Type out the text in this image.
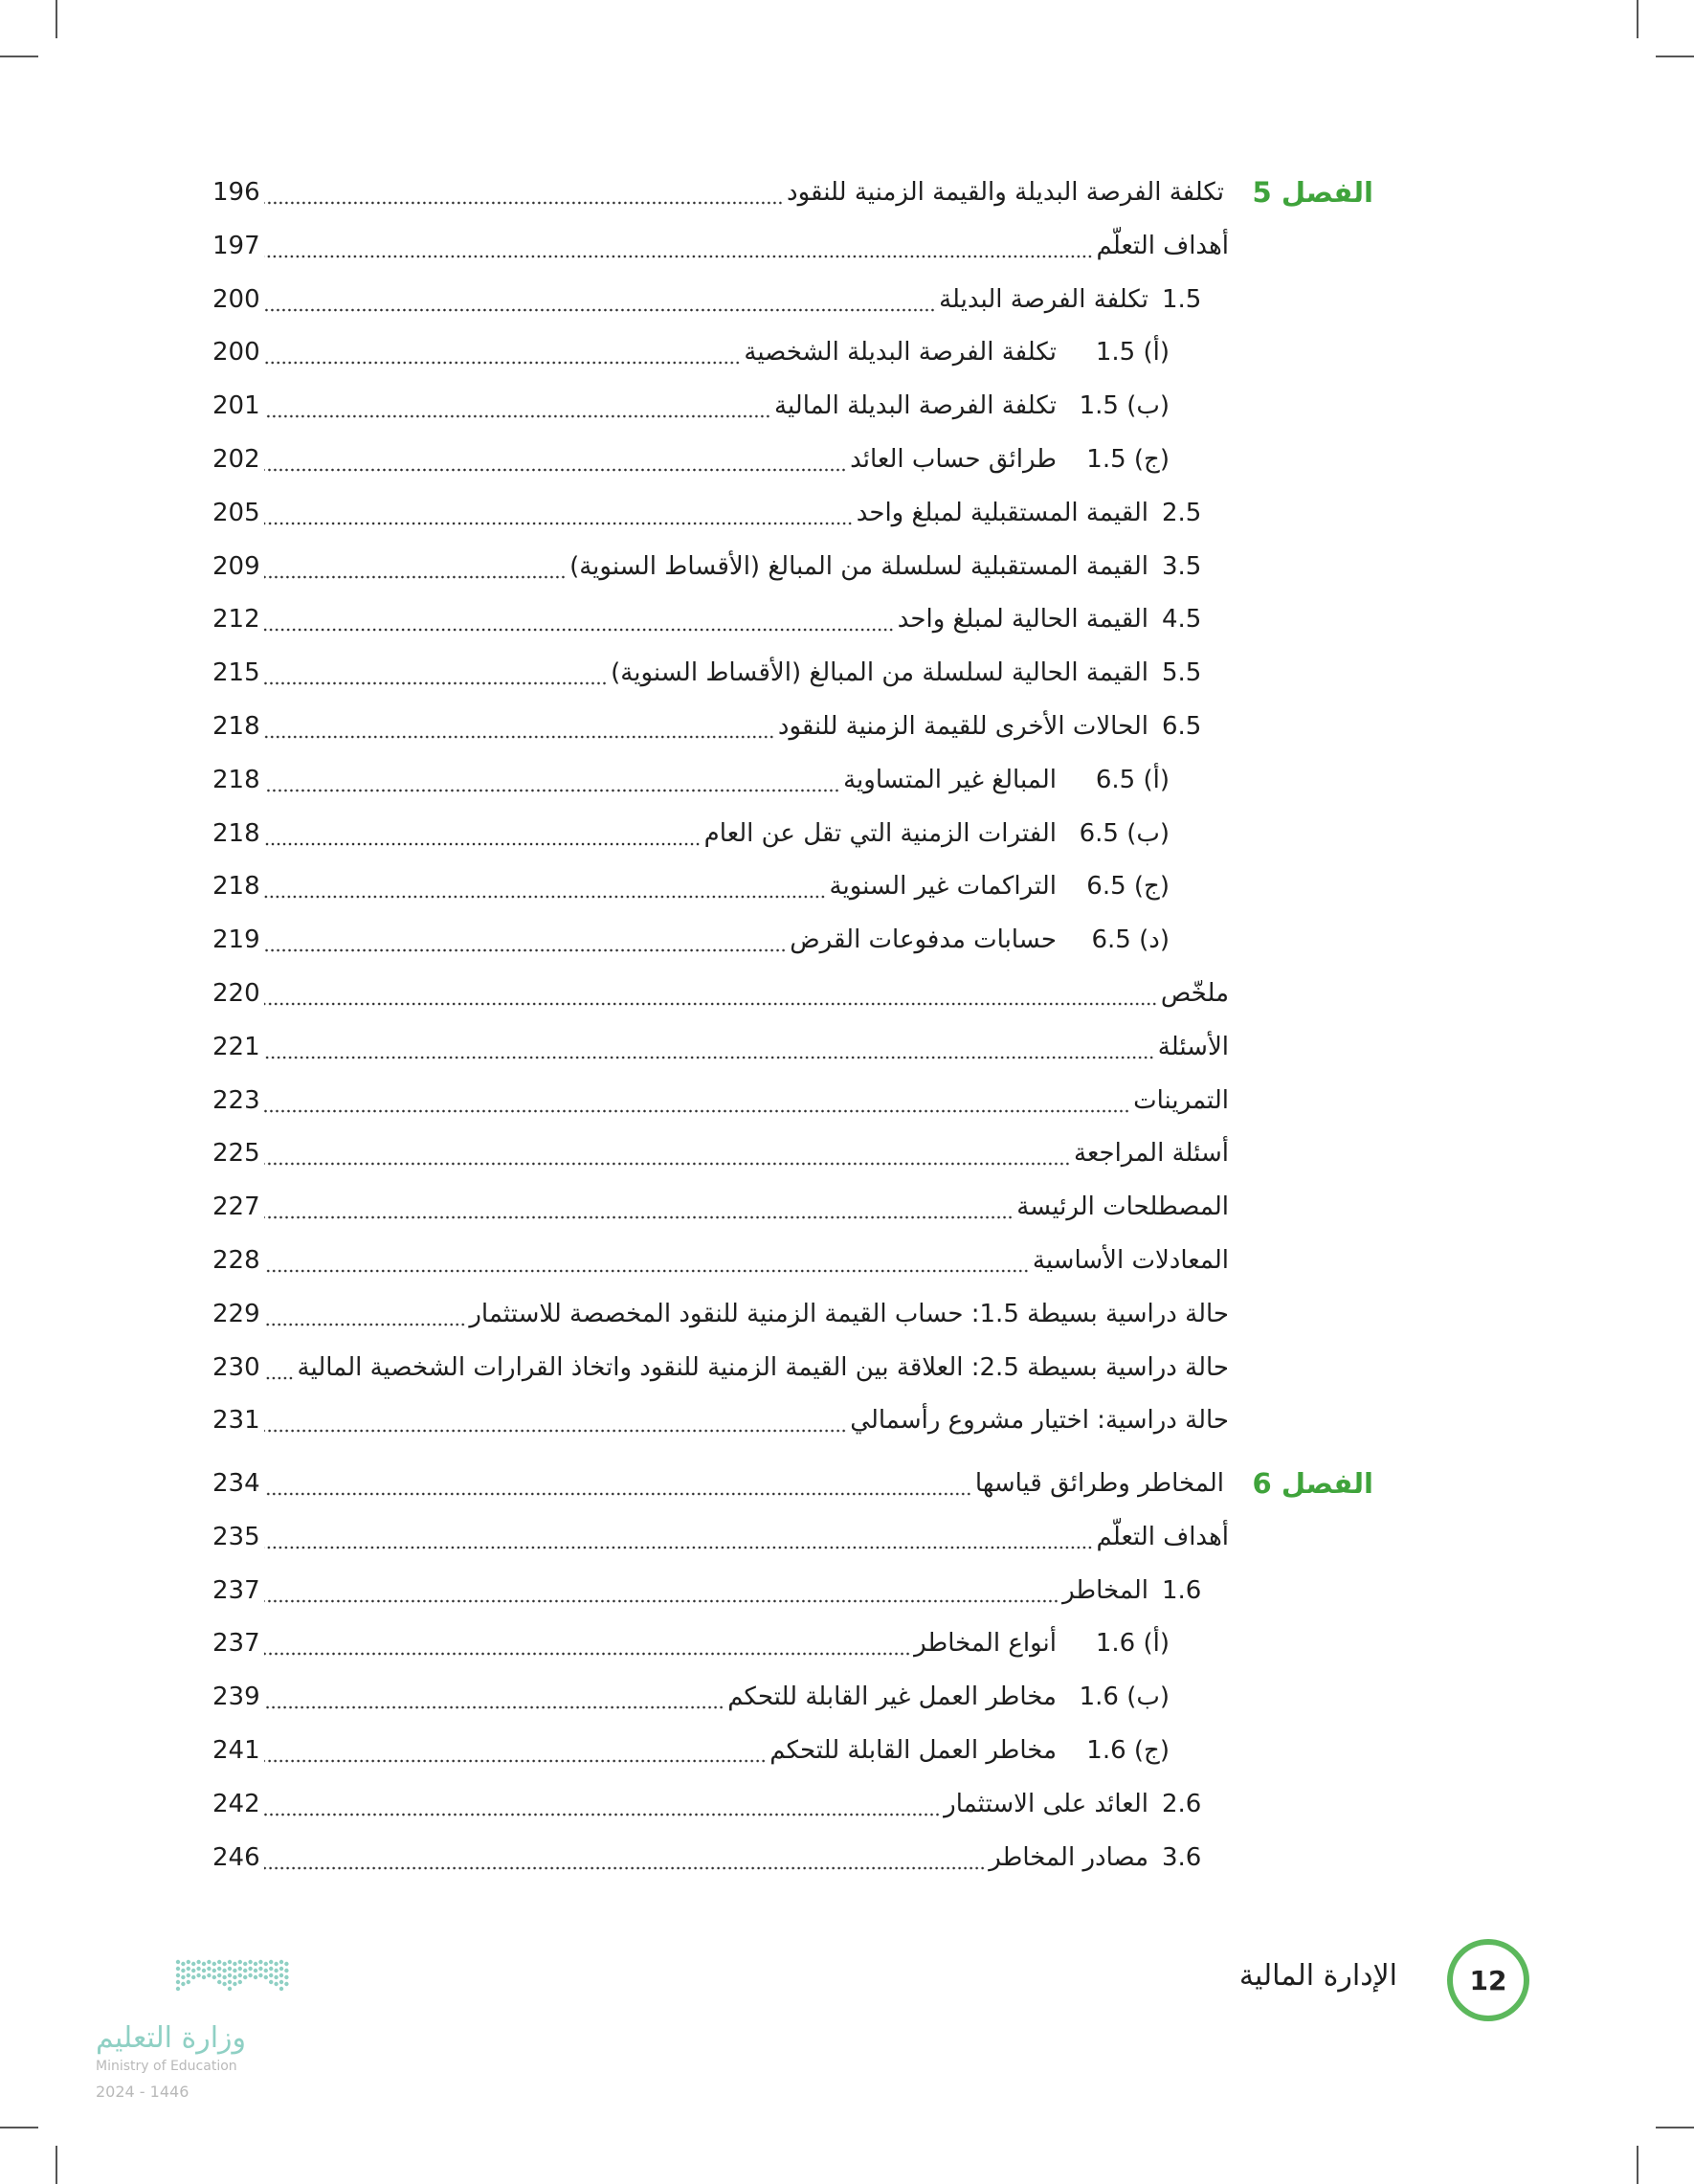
الفصل 5
تكلفة الفرصة البديلة والقيمة الزمنية للنقود
196
أهداف التعلّم
197
1.5
تكلفة الفرصة البديلة
200
1.5 (أ)
تكلفة الفرصة البديلة الشخصية
200
1.5 (ب)
تكلفة الفرصة البديلة المالية
201
1.5 (ج)
طرائق حساب العائد
202
2.5
القيمة المستقبلية لمبلغ واحد
205
3.5
القيمة المستقبلية لسلسلة من المبالغ (الأقساط السنوية)
209
4.5
القيمة الحالية لمبلغ واحد
212
5.5
القيمة الحالية لسلسلة من المبالغ (الأقساط السنوية)
215
6.5
الحالات الأخرى للقيمة الزمنية للنقود
218
6.5 (أ)
المبالغ غير المتساوية
218
6.5 (ب)
الفترات الزمنية التي تقل عن العام
218
6.5 (ج)
التراكمات غير السنوية
218
6.5 (د)
حسابات مدفوعات القرض
219
ملخّص
220
الأسئلة
221
التمرينات
223
أسئلة المراجعة
225
المصطلحات الرئيسة
227
المعادلات الأساسية
228
حالة دراسية بسيطة 1.5: حساب القيمة الزمنية للنقود المخصصة للاستثمار
229
حالة دراسية بسيطة 2.5: العلاقة بين القيمة الزمنية للنقود واتخاذ القرارات الشخصية المالية
230
حالة دراسية: اختيار مشروع رأسمالي
231
الفصل 6
المخاطر وطرائق قياسها
234
أهداف التعلّم
235
1.6
المخاطر
237
1.6 (أ)
أنواع المخاطر
237
1.6 (ب)
مخاطر العمل غير القابلة للتحكم
239
1.6 (ج)
مخاطر العمل القابلة للتحكم
241
2.6
العائد على الاستثمار
242
3.6
مصادر المخاطر
246
الإدارة المالية	12
وزارة التعليم
Ministry of Education
2024 - 1446
